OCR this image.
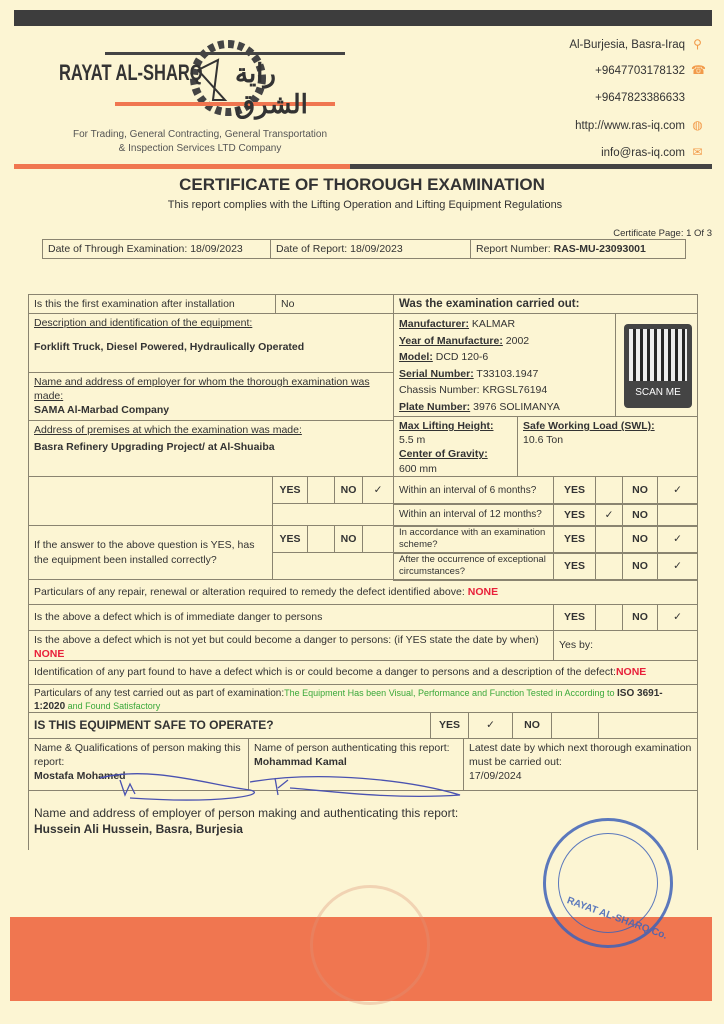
RAYAT AL-SHARQ راية الشرق
For Trading, General Contracting, General Transportation
& Inspection Services LTD Company
Al-Burjesia, Basra-Iraq ⚲
+9647703178132 ☎
+9647823386633
http://www.ras-iq.com ◍
info@ras-iq.com ✉
CERTIFICATE OF THOROUGH EXAMINATION
This report complies with the Lifting Operation and Lifting Equipment Regulations
Certificate Page: 1 Of 3
Date of Through Examination: 18/09/2023	Date of Report: 18/09/2023	Report Number: RAS-MU-23093001
Is this the first examination after installation	No	Was the examination carried out:
Description and identification of the equipment:
Forklift Truck, Diesel Powered, Hydraulically Operated
Name and address of employer for whom the thorough examination was made:
SAMA Al-Marbad Company
Address of premises at which the examination was made:
Basra Refinery Upgrading Project/ at Al-Shuaiba
Manufacturer: KALMAR
Year of Manufacture: 2002
Model: DCD 120-6
Serial Number: T33103.1947
Chassis Number: KRGSL76194
Plate Number: 3976 SOLIMANYA
SCAN ME
Max Lifting Height:
5.5 m
Center of Gravity:
600 mm
Safe Working Load (SWL):
10.6 Ton
If the answer to the above question is YES, has the equipment been installed correctly?
YES	NO	✓
YES	NO
Within an interval of 6 months?	YES	NO	✓
Within an interval of 12 months?	YES	✓	NO
In accordance with an examination scheme?	YES	NO	✓
After the occurrence of exceptional circumstances?	YES	NO	✓
Particulars of any repair, renewal or alteration required to remedy the defect identified above: NONE
Is the above a defect which is of immediate danger to persons	YES	NO	✓
Is the above a defect which is not yet but could become a danger to persons: (if YES state the date by when) NONE
Yes by:
Identification of any part found to have a defect which is or could become a danger to persons and a description of the defect: NONE
Particulars of any test carried out as part of examination:The Equipment Has been Visual, Performance and Function Tested in According to ISO 3691-1:2020 and Found Satisfactory
IS THIS EQUIPMENT SAFE TO OPERATE?	YES	✓	NO
Name & Qualifications of person making this report:
Mostafa Mohamed
Name of person authenticating this report:
Mohammad Kamal
Latest date by which next thorough examination must be carried out:
17/09/2024
Name and address of employer of person making and authenticating this report:
Hussein Ali Hussein, Basra, Burjesia
RAYAT AL-SHARQ Co.
